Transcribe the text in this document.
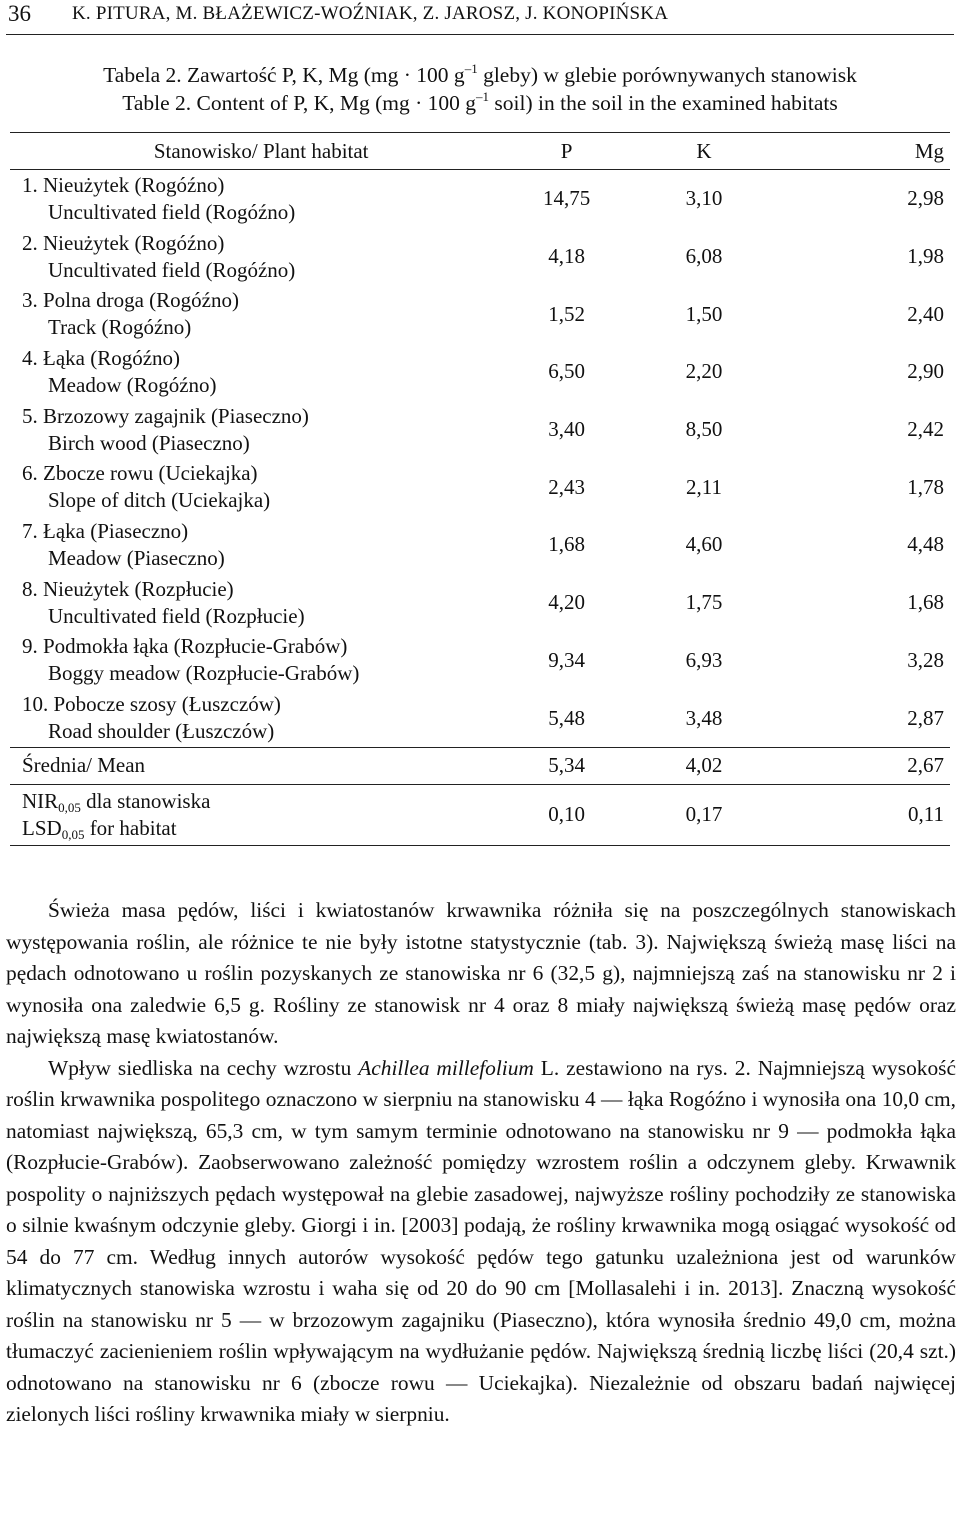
36 K. PITURA, M. BŁAŻEWICZ-WOŹNIAK, Z. JAROSZ, J. KONOPIŃSKA
Tabela 2. Zawartość P, K, Mg (mg · 100 $g^{-1}$ gleby) w glebie porównywanych stanowisk
Table 2. Content of P, K, Mg (mg · 100 $g^{-1}$ soil) in the soil in the examined habitats
Stanowisko/ Plant habitat	P	K	Mg

1. Nieużytek (Rogóźno)
Uncultivated field (Rogóźno)	14,75	3,10	2,98

2. Nieużytek (Rogóźno)
Uncultivated field (Rogóźno)	4,18	6,08	1,98

3. Polna droga (Rogóźno)
Track (Rogóźno)	1,52	1,50	2,40

4. Łąka (Rogóźno)
Meadow (Rogóźno)	6,50	2,20	2,90

5. Brzozowy zagajnik (Piaseczno)
Birch wood (Piaseczno)	3,40	8,50	2,42

6. Zbocze rowu (Uciekajka)
Slope of ditch (Uciekajka)	2,43	2,11	1,78

7. Łąka (Piaseczno)
Meadow (Piaseczno)	1,68	4,60	4,48

8. Nieużytek (Rozpłucie)
Uncultivated field (Rozpłucie)	4,20	1,75	1,68

9. Podmokła łąka (Rozpłucie-Grabów)
Boggy meadow (Rozpłucie-Grabów)	9,34	6,93	3,28

10. Pobocze szosy (Łuszczów)
Road shoulder (Łuszczów)	5,48	3,48	2,87
Średnia/ Mean	5,34	4,02	2,67

$NIR_{0,05}$ dla stanowiska
$LSD_{0,05}$ for habitat	0,10	0,17	0,11

Świeża masa pędów, liści i kwiatostanów krwawnika różniła się na poszczególnych stanowiskach występowania roślin, ale różnice te nie były istotne statystycznie (tab. 3). Największą świeżą masę liści na pędach odnotowano u roślin pozyskanych ze stanowiska nr 6 (32,5 g), najmniejszą zaś na stanowisku nr 2 i wynosiła ona zaledwie 6,5 g. Rośliny ze stanowisk nr 4 oraz 8 miały największą świeżą masę pędów oraz największą masę kwiatostanów.

Wpływ siedliska na cechy wzrostu Achillea millefolium L. zestawiono na rys. 2. Najmniejszą wysokość roślin krwawnika pospolitego oznaczono w sierpniu na stanowisku 4 — łąka Rogóźno i wynosiła ona 10,0 cm, natomiast największą, 65,3 cm, w tym samym terminie odnotowano na stanowisku nr 9 — podmokła łąka (Rozpłucie-Grabów). Zaobserwowano zależność pomiędzy wzrostem roślin a odczynem gleby. Krwawnik pospolity o najniższych pędach występował na glebie zasadowej, najwyższe rośliny pochodziły ze stanowiska o silnie kwaśnym odczynie gleby. Giorgi i in. [2003] podają, że rośliny krwawnika mogą osiągać wysokość od 54 do 77 cm. Według innych autorów wysokość pędów tego gatunku uzależniona jest od warunków klimatycznych stanowiska wzrostu i waha się od 20 do 90 cm [Mollasalehi i in. 2013]. Znaczną wysokość roślin na stanowisku nr 5 — w brzozowym zagajniku (Piaseczno), która wynosiła średnio 49,0 cm, można tłumaczyć zacienieniem roślin wpływającym na wydłużanie pędów. Największą średnią liczbę liści (20,4 szt.) odnotowano na stanowisku nr 6 (zbocze rowu — Uciekajka). Niezależnie od obszaru badań najwięcej zielonych liści rośliny krwawnika miały w sierpniu.
